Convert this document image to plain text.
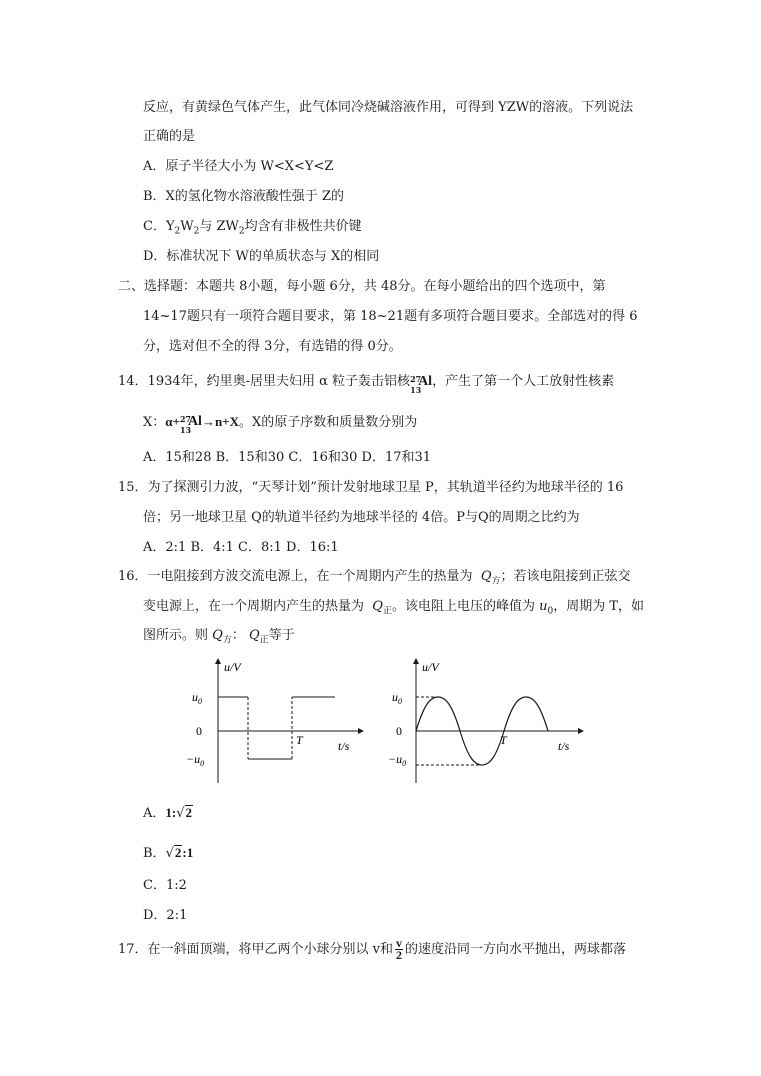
反应，有黄绿色气体产生，此气体同冷烧碱溶液作用，可得到 YZW的溶液。下列说法
正确的是
A．原子半径大小为 W<X<Y<Z
B．X的氢化物水溶液酸性强于 Z的
C．$Y_2W_2$与 $ZW_2$均含有非极性共价键
D．标准状况下 W的单质状态与 X的相同
二、选择题：本题共 8小题，每小题 6分，共 48分。在每小题给出的四个选项中，第
14~17题只有一项符合题目要求，第 18~21题有多项符合题目要求。全部选对的得 6
分，选对但不全的得 3分，有选错的得 0分。
14．1934年，约里奥-居里夫妇用 α 粒子轰击铝核 27
13
Al ，产生了第一个人工放射性核素
X：α+ 27
13
Al →n+X。X的原子序数和质量数分别为
A．15和28 B．15和30 C．16和30 D．17和31
15．为了探测引力波，“天琴计划”预计发射地球卫星 P，其轨道半径约为地球半径的 16
倍；另一地球卫星 Q的轨道半径约为地球半径的 4倍。P与Q的周期之比约为
A．2:1 B．4:1 C．8:1 D．16:1
16．一电阻接到方波交流电源上，在一个周期内产生的热量为 $Q_方$；若该电阻接到正弦交
变电源上，在一个周期内产生的热量为 $Q_正$。该电阻上电压的峰值为 $u_0$，周期为 T，如
图所示。则 $Q_方$： $Q_正$等于
u/V
t/s
$u_0$
0
$-u_0$
T
u/V
t/s
$u_0$
0
$-u_0$
T
A．1:√2
B．√2:1
C．1:2
D．2:1
17．在一斜面顶端，将甲乙两个小球分别以 v和 $\frac{v}{2}$ 的速度沿同一方向水平抛出，两球都落
